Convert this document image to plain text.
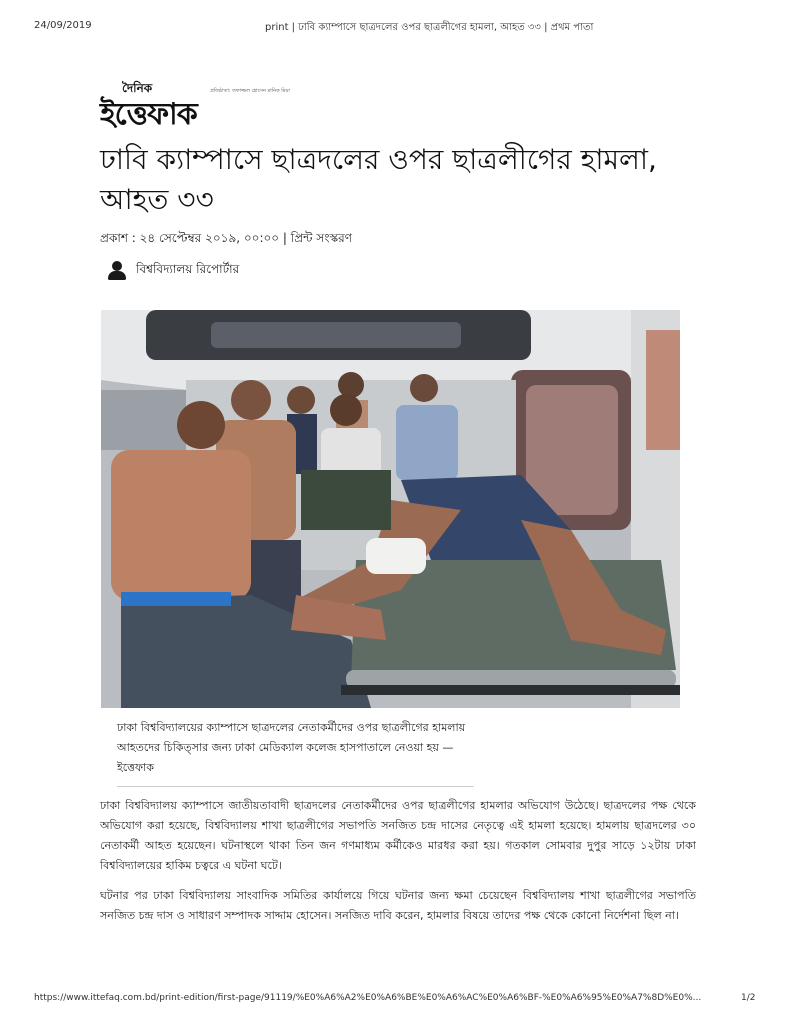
24/09/2019	print | ঢাবি ক্যাম্পাসে ছাত্রদলের ওপর ছাত্রলীগের হামলা, আহত ৩৩ | প্রথম পাতা
দৈনিক	প্রতিষ্ঠাতা: তফাজ্জল হোসেন মানিক মিয়া
ইত্তেফাক
ঢাবি ক্যাম্পাসে ছাত্রদলের ওপর ছাত্রলীগের হামলা, আহত ৩৩
প্রকাশ : ২৪ সেপ্টেম্বর ২০১৯, ০০:০০ | প্রিন্ট সংস্করণ
বিশ্ববিদ্যালয় রিপোর্টার

ঢাকা বিশ্ববিদ্যালয়ের ক্যাম্পাসে ছাত্রদলের নেতাকর্মীদের ওপর ছাত্রলীগের হামলায় আহতদের চিকিত্সার জন্য ঢাকা মেডিক্যাল কলেজ হাসপাতালে নেওয়া হয় —ইত্তেফাক

ঢাকা বিশ্ববিদ্যালয় ক্যাম্পাসে জাতীয়তাবাদী ছাত্রদলের নেতাকর্মীদের ওপর ছাত্রলীগের হামলার অভিযোগ উঠেছে। ছাত্রদলের পক্ষ থেকে অভিযোগ করা হয়েছে, বিশ্ববিদ্যালয় শাখা ছাত্রলীগের সভাপতি সনজিত চন্দ্র দাসের নেতৃত্বে এই হামলা হয়েছে। হামলায় ছাত্রদলের ৩০ নেতাকর্মী আহত হয়েছেন। ঘটনাস্থলে থাকা তিন জন গণমাধ্যম কর্মীকেও মারধর করা হয়। গতকাল সোমবার দুপুর সাড়ে ১২টায় ঢাকা বিশ্ববিদ্যালয়ের হাকিম চত্বরে এ ঘটনা ঘটে।

ঘটনার পর ঢাকা বিশ্ববিদ্যালয় সাংবাদিক সমিতির কার্যালয়ে গিয়ে ঘটনার জন্য ক্ষমা চেয়েছেন বিশ্ববিদ্যালয় শাখা ছাত্রলীগের সভাপতি সনজিত চন্দ্র দাস ও সাধারণ সম্পাদক সাদ্দাম হোসেন। সনজিত দাবি করেন, হামলার বিষয়ে তাদের পক্ষ থেকে কোনো নির্দেশনা ছিল না।

https://www.ittefaq.com.bd/print-edition/first-page/91119/%E0%A6%A2%E0%A6%BE%E0%A6%AC%E0%A6%BF-%E0%A6%95%E0%A7%8D%E0%...	1/2
